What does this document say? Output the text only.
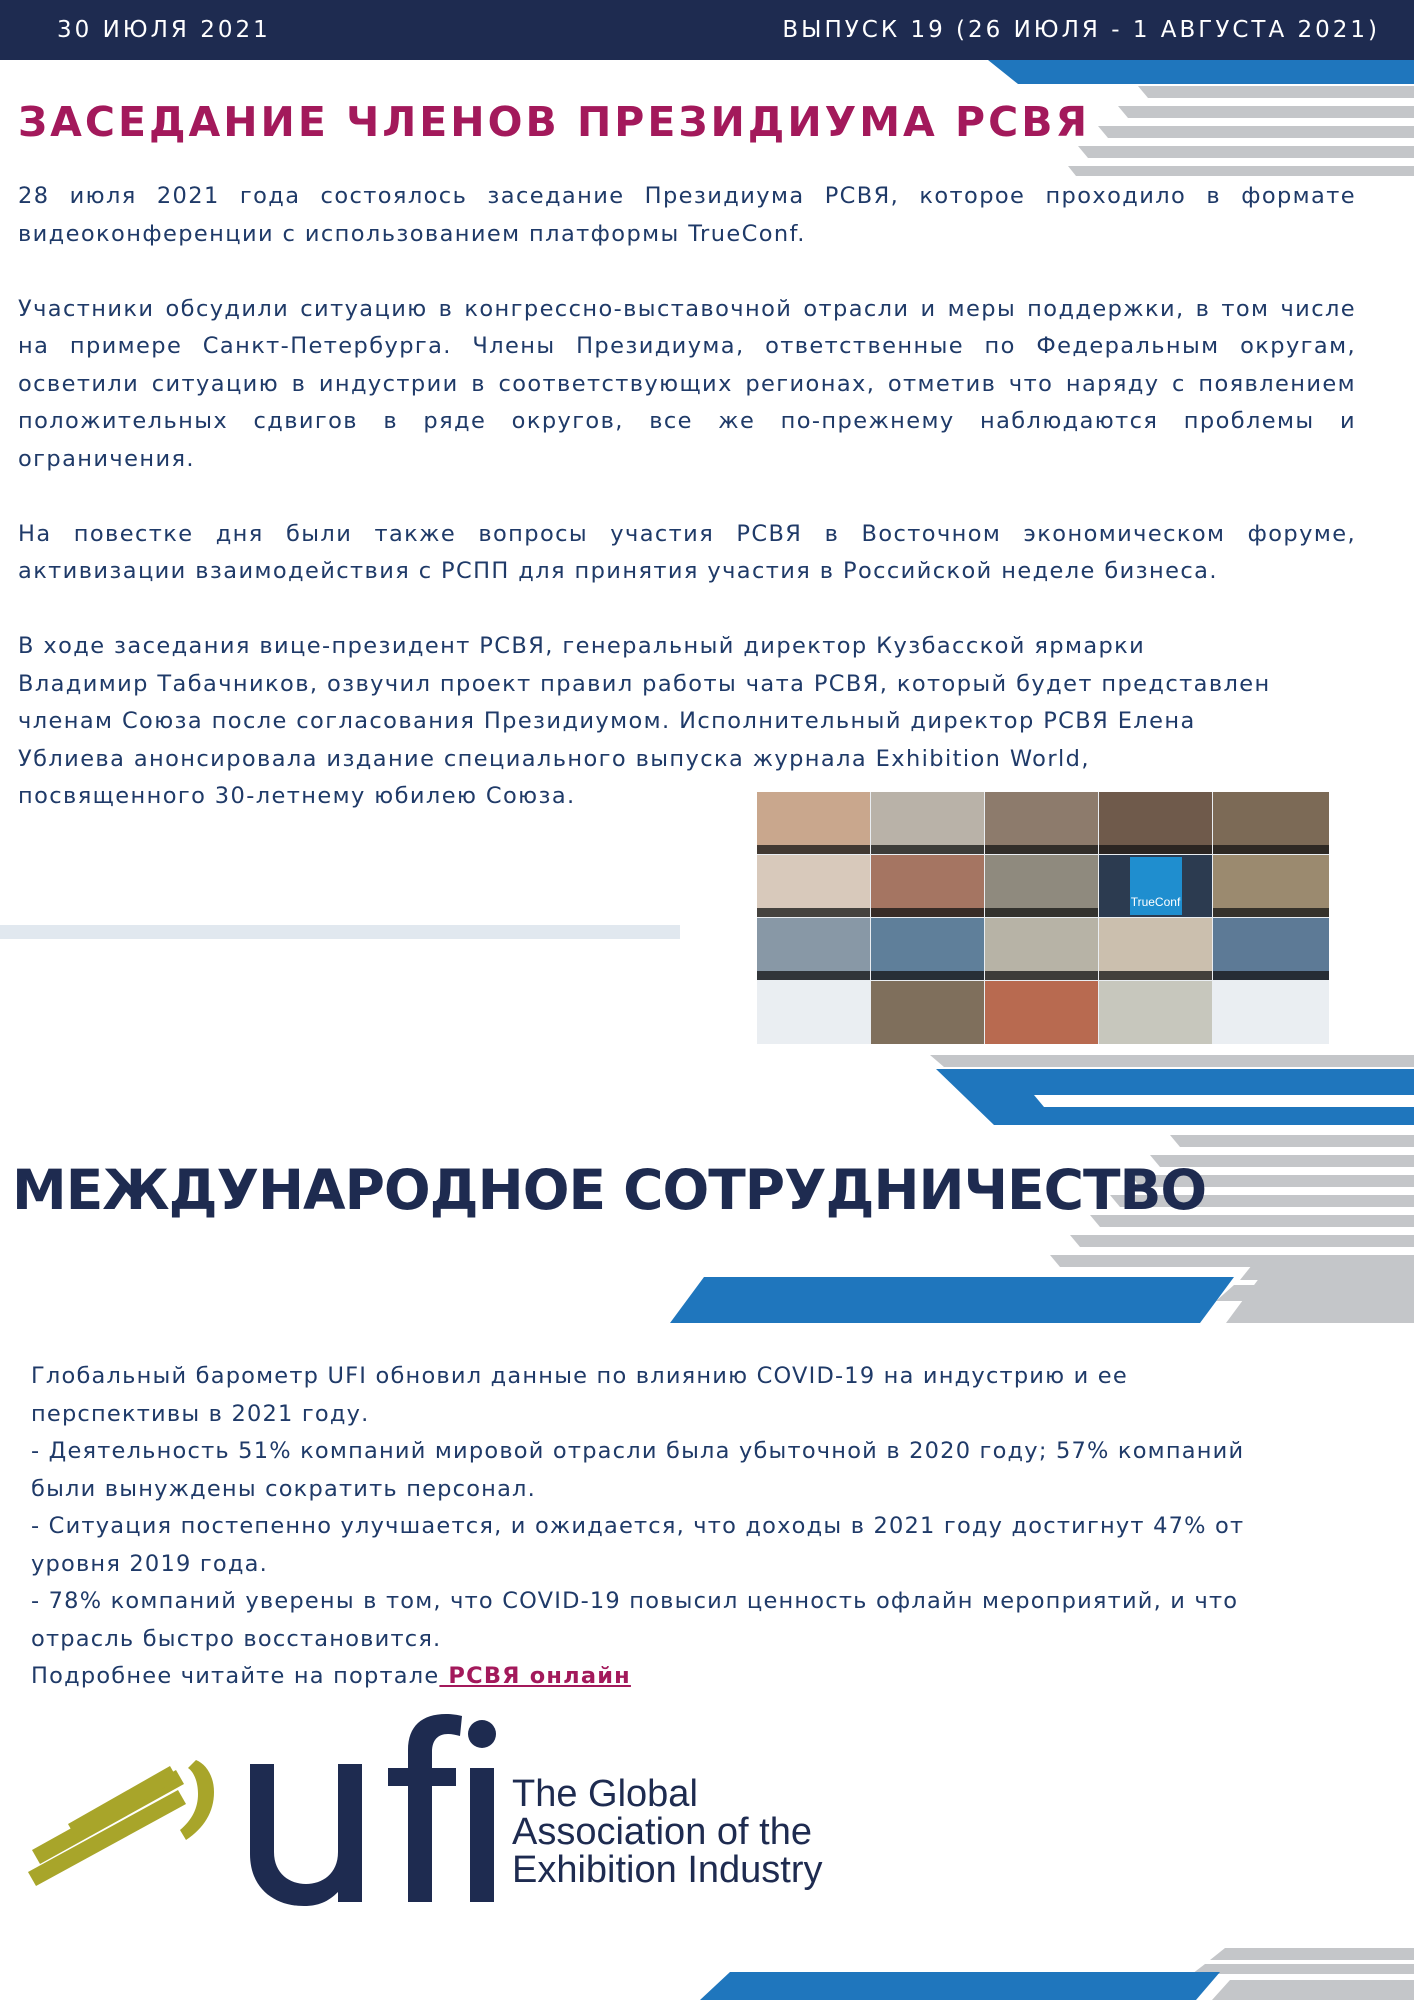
30 ИЮЛЯ 2021	ВЫПУСК 19 (26 ИЮЛЯ - 1 АВГУСТА 2021)
ЗАСЕДАНИЕ ЧЛЕНОВ ПРЕЗИДИУМА РСВЯ

28 июля 2021 года состоялось заседание Президиума РСВЯ, которое проходило в формате видеоконференции с использованием платформы TrueConf.

Участники обсудили ситуацию в конгрессно-выставочной отрасли и меры поддержки, в том числе на примере Санкт-Петербурга. Члены Президиума, ответственные по Федеральным округам, осветили ситуацию в индустрии в соответствующих регионах, отметив что наряду с появлением положительных сдвигов в ряде округов, все же по-прежнему наблюдаются проблемы и ограничения.

На повестке дня были также вопросы участия РСВЯ в Восточном экономическом форуме, активизации взаимодействия с РСПП для принятия участия в Российской неделе бизнеса.

В ходе заседания вице-президент РСВЯ, генеральный директор Кузбасской ярмарки
Владимир Табачников, озвучил проект правил работы чата РСВЯ, который будет представлен
членам Союза после согласования Президиумом. Исполнительный директор РСВЯ Елена
Ублиева анонсировала издание специального выпуска журнала Exhibition World,
посвященного 30-летнему юбилею Союза.

TrueConf
МЕЖДУНАРОДНОЕ СОТРУДНИЧЕСТВО
Глобальный барометр UFI обновил данные по влиянию COVID-19 на индустрию и ее
перспективы в 2021 году.
- Деятельность 51% компаний мировой отрасли была убыточной в 2020 году; 57% компаний
были вынуждены сократить персонал.
- Ситуация постепенно улучшается, и ожидается, что доходы в 2021 году достигнут 47% от
уровня 2019 года.
- 78% компаний уверены в том, что COVID-19 повысил ценность офлайн мероприятий, и что
отрасль быстро восстановится.
Подробнее читайте на портале РСВЯ онлайн
The Global
Association of the
Exhibition Industry
